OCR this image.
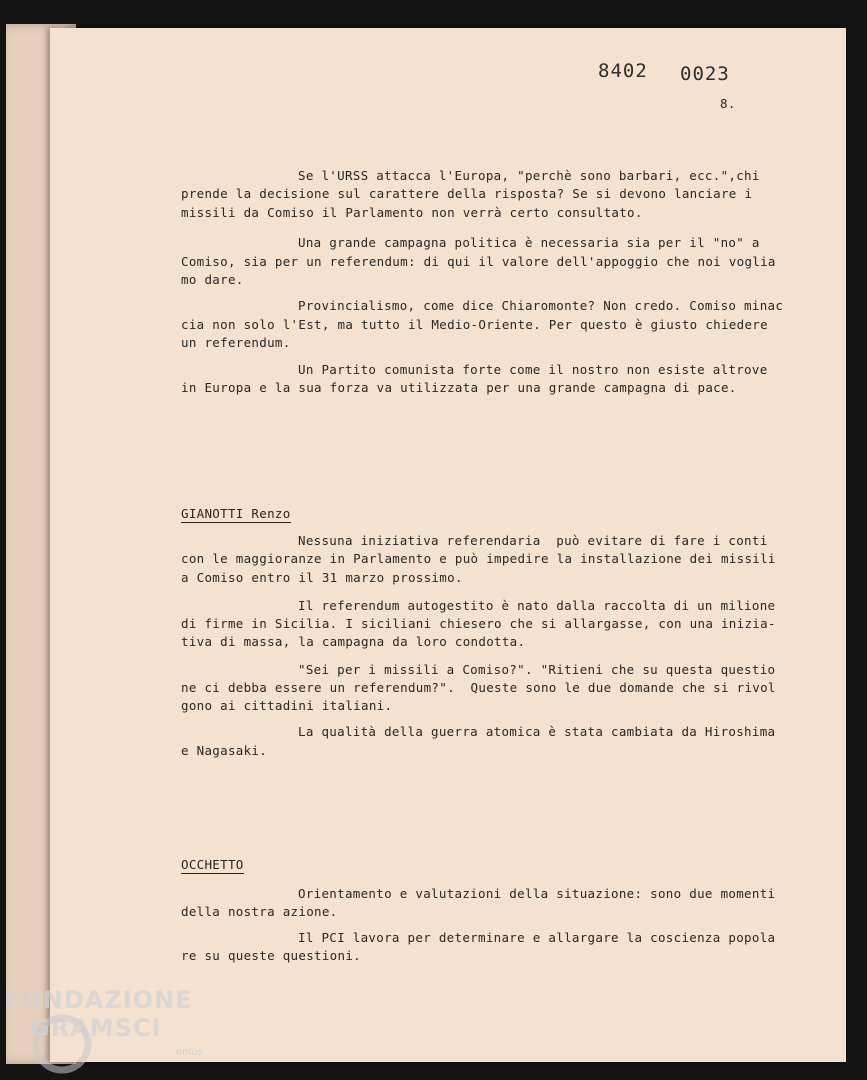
8402 0023
8.
Se l'URSS attacca l'Europa, "perchè sono barbari, ecc.",chi
prende la decisione sul carattere della risposta? Se si devono lanciare i
missili da Comiso il Parlamento non verrà certo consultato.
Una grande campagna politica è necessaria sia per il "no" a
Comiso, sia per un referendum: di qui il valore dell'appoggio che noi voglia
mo dare.
Provincialismo, come dice Chiaromonte? Non credo. Comiso minac
cia non solo l'Est, ma tutto il Medio-Oriente. Per questo è giusto chiedere
un referendum.
Un Partito comunista forte come il nostro non esiste altrove
in Europa e la sua forza va utilizzata per una grande campagna di pace.
GIANOTTI Renzo
Nessuna iniziativa referendaria  può evitare di fare i conti
con le maggioranze in Parlamento e può impedire la installazione dei missili
a Comiso entro il 31 marzo prossimo.
Il referendum autogestito è nato dalla raccolta di un milione
di firme in Sicilia. I siciliani chiesero che si allargasse, con una inizia-
tiva di massa, la campagna da loro condotta.
"Sei per i missili a Comiso?". "Ritieni che su questa questio
ne ci debba essere un referendum?".  Queste sono le due domande che si rivol
gono ai cittadini italiani.
La qualità della guerra atomica è stata cambiata da Hiroshima
e Nagasaki.
OCCHETTO
Orientamento e valutazioni della situazione: sono due momenti
della nostra azione.
Il PCI lavora per determinare e allargare la coscienza popola
re su queste questioni.
FONDAZIONE
GRAMSCI
onlus
